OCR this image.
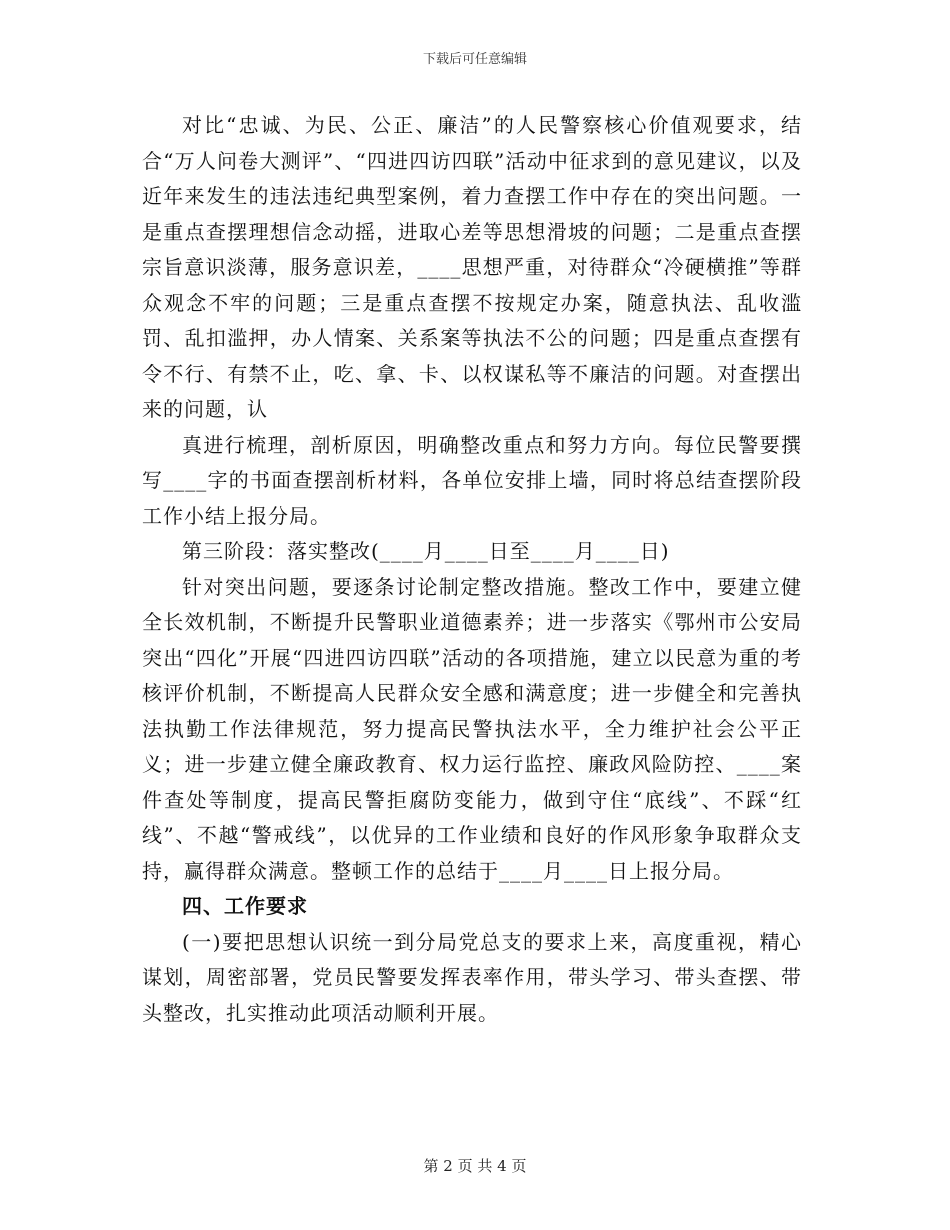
下载后可任意编辑

对比“忠诚、为民、公正、廉洁”的人民警察核心价值观要求，结合“万人问卷大测评”、“四进四访四联”活动中征求到的意见建议，以及近年来发生的违法违纪典型案例，着力查摆工作中存在的突出问题。一是重点查摆理想信念动摇，进取心差等思想滑坡的问题；二是重点查摆宗旨意识淡薄，服务意识差，____思想严重，对待群众“冷硬横推”等群众观念不牢的问题；三是重点查摆不按规定办案，随意执法、乱收滥罚、乱扣滥押，办人情案、关系案等执法不公的问题；四是重点查摆有令不行、有禁不止，吃、拿、卡、以权谋私等不廉洁的问题。对查摆出来的问题，认

真进行梳理，剖析原因，明确整改重点和努力方向。每位民警要撰写____字的书面查摆剖析材料，各单位安排上墙，同时将总结查摆阶段工作小结上报分局。

第三阶段：落实整改(____月____日至____月____日)

针对突出问题，要逐条讨论制定整改措施。整改工作中，要建立健全长效机制，不断提升民警职业道德素养；进一步落实《鄂州市公安局突出“四化”开展“四进四访四联”活动的各项措施，建立以民意为重的考核评价机制，不断提高人民群众安全感和满意度；进一步健全和完善执法执勤工作法律规范，努力提高民警执法水平，全力维护社会公平正义；进一步建立健全廉政教育、权力运行监控、廉政风险防控、____案件查处等制度，提高民警拒腐防变能力，做到守住“底线”、不踩“红线”、不越“警戒线”，以优异的工作业绩和良好的作风形象争取群众支持，赢得群众满意。整顿工作的总结于____月____日上报分局。

四、工作要求

(一)要把思想认识统一到分局党总支的要求上来，高度重视，精心谋划，周密部署，党员民警要发挥表率作用，带头学习、带头查摆、带头整改，扎实推动此项活动顺利开展。

第 2 页 共 4 页
